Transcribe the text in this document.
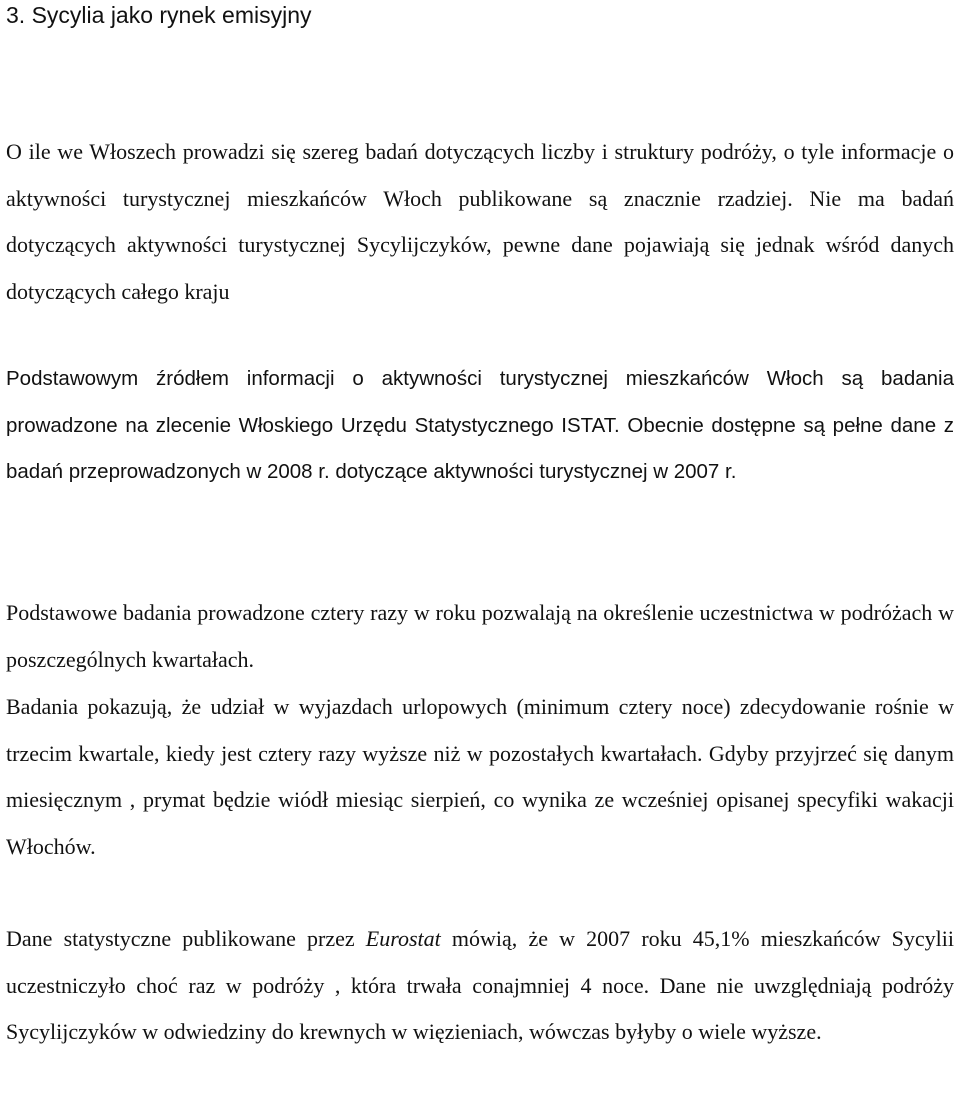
3. Sycylia jako rynek emisyjny

O ile we Włoszech prowadzi się szereg badań dotyczących liczby i struktury podróży, o tyle informacje o aktywności turystycznej mieszkańców Włoch publikowane są znacznie rzadziej. Nie ma badań dotyczących aktywności turystycznej Sycylijczyków, pewne dane pojawiają się jednak wśród danych dotyczących całego kraju

Podstawowym źródłem informacji o aktywności turystycznej mieszkańców Włoch są badania prowadzone na zlecenie Włoskiego Urzędu Statystycznego ISTAT. Obecnie dostępne są pełne dane z badań przeprowadzonych w 2008 r. dotyczące aktywności turystycznej w 2007 r.

Podstawowe badania prowadzone cztery razy w roku pozwalają na określenie uczestnictwa w podróżach w poszczególnych kwartałach.

Badania pokazują, że udział w wyjazdach urlopowych (minimum cztery noce) zdecydowanie rośnie w trzecim kwartale, kiedy jest cztery razy wyższe niż w pozostałych kwartałach. Gdyby przyjrzeć się danym miesięcznym , prymat będzie wiódł miesiąc sierpień, co wynika ze wcześniej opisanej specyfiki wakacji Włochów.

Dane statystyczne publikowane przez Eurostat mówią, że w 2007 roku 45,1% mieszkańców Sycylii uczestniczyło choć raz w podróży , która trwała conajmniej 4 noce. Dane nie uwzględniają podróży Sycylijczyków w odwiedziny do krewnych w więzieniach, wówczas byłyby o wiele wyższe.
